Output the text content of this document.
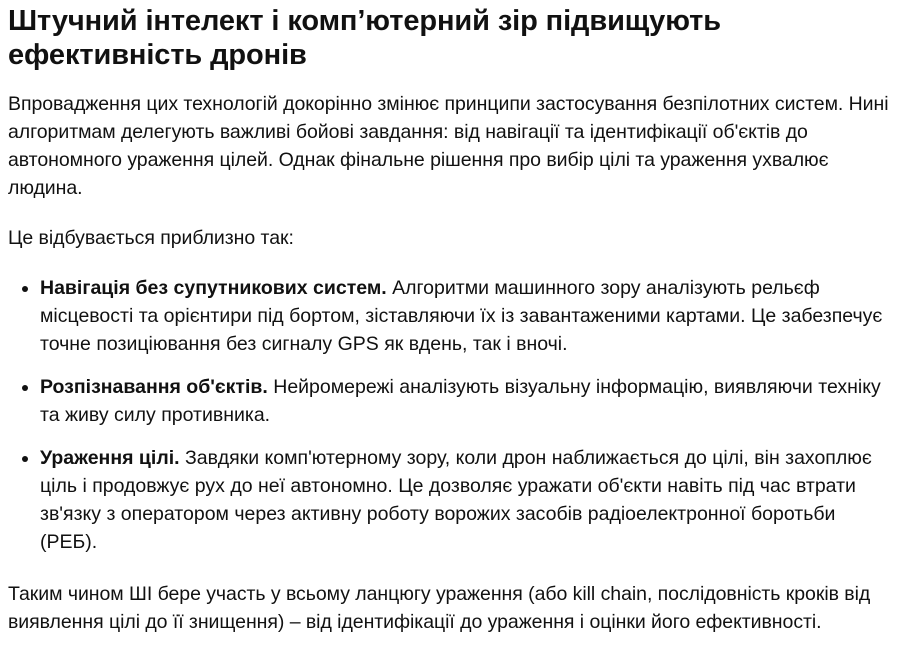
Штучний інтелект і комп’ютерний зір підвищують ефективність дронів

Впровадження цих технологій докорінно змінює принципи застосування безпілотних систем. Нині алгоритмам делегують важливі бойові завдання: від навігації та ідентифікації об'єктів до автономного ураження цілей. Однак фінальне рішення про вибір цілі та ураження ухвалює людина.

Це відбувається приблизно так:

• Навігація без супутникових систем. Алгоритми машинного зору аналізують рельєф місцевості та орієнтири під бортом, зіставляючи їх із завантаженими картами. Це забезпечує точне позиціювання без сигналу GPS як вдень, так і вночі.
• Розпізнавання об'єктів. Нейромережі аналізують візуальну інформацію, виявляючи техніку та живу силу противника.
• Ураження цілі. Завдяки комп'ютерному зору, коли дрон наближається до цілі, він захоплює ціль і продовжує рух до неї автономно. Це дозволяє уражати об'єкти навіть під час втрати зв'язку з оператором через активну роботу ворожих засобів радіоелектронної боротьби (РЕБ).

Таким чином ШІ бере участь у всьому ланцюгу ураження (або kill chain, послідовність кроків від виявлення цілі до її знищення) – від ідентифікації до ураження і оцінки його ефективності.
